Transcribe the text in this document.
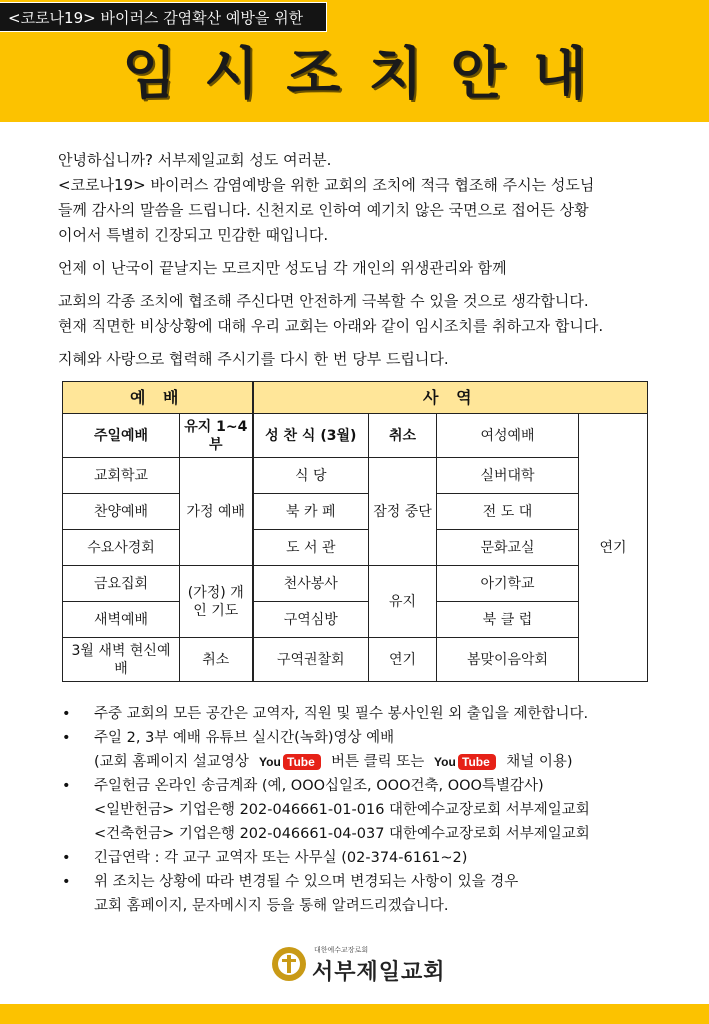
<코로나19> 바이러스 감염확산 예방을 위한
임시조치안내

안녕하십니까? 서부제일교회 성도 여러분.

<코로나19> 바이러스 감염예방을 위한 교회의 조치에 적극 협조해 주시는 성도님

들께 감사의 말씀을 드립니다. 신천지로 인하여 예기치 않은 국면으로 접어든 상황

이어서 특별히 긴장되고 민감한 때입니다.

언제 이 난국이 끝날지는 모르지만 성도님 각 개인의 위생관리와 함께

교회의 각종 조치에 협조해 주신다면 안전하게 극복할 수 있을 것으로 생각합니다.

현재 직면한 비상상황에 대해 우리 교회는 아래와 같이 임시조치를 취하고자 합니다.

지혜와 사랑으로 협력해 주시기를 다시 한 번 당부 드립니다.

예 배		사 역			
주일예배	유지 1~4부	성 찬 식 (3월)	취소	여성예배	연기
교회학교	가정 예배	식 당	잠정 중단	실버대학	
찬양예배		북 카 페		전 도 대	
수요사경회		도 서 관		문화교실	
금요집회	(가정) 개인 기도	천사봉사	유지	아기학교	
새벽예배		구역심방		북 클 럽	
3월 새벽 현신예배	취소	구역권찰회	연기	봄맞이음악회	
• 주중 교회의 모든 공간은 교역자, 직원 및 필수 봉사인원 외 출입을 제한합니다.
• 주일 2, 3부 예배 유튜브 실시간(녹화)영상 예배
(교회 홈페이지 설교영상 You Tube 버튼 클릭 또는 You Tube 채널 이용)
• 주일헌금 온라인 송금계좌 (예, OOO십일조, OOO건축, OOO특별감사)
<일반헌금> 기업은행 202-046661-01-016 대한예수교장로회 서부제일교회
<건축헌금> 기업은행 202-046661-04-037 대한예수교장로회 서부제일교회
• 긴급연락 : 각 교구 교역자 또는 사무실 (02-374-6161~2)
• 위 조치는 상황에 따라 변경될 수 있으며 변경되는 사항이 있을 경우
교회 홈페이지, 문자메시지 등을 통해 알려드리겠습니다.
대한예수교장로회
서부제일교회
